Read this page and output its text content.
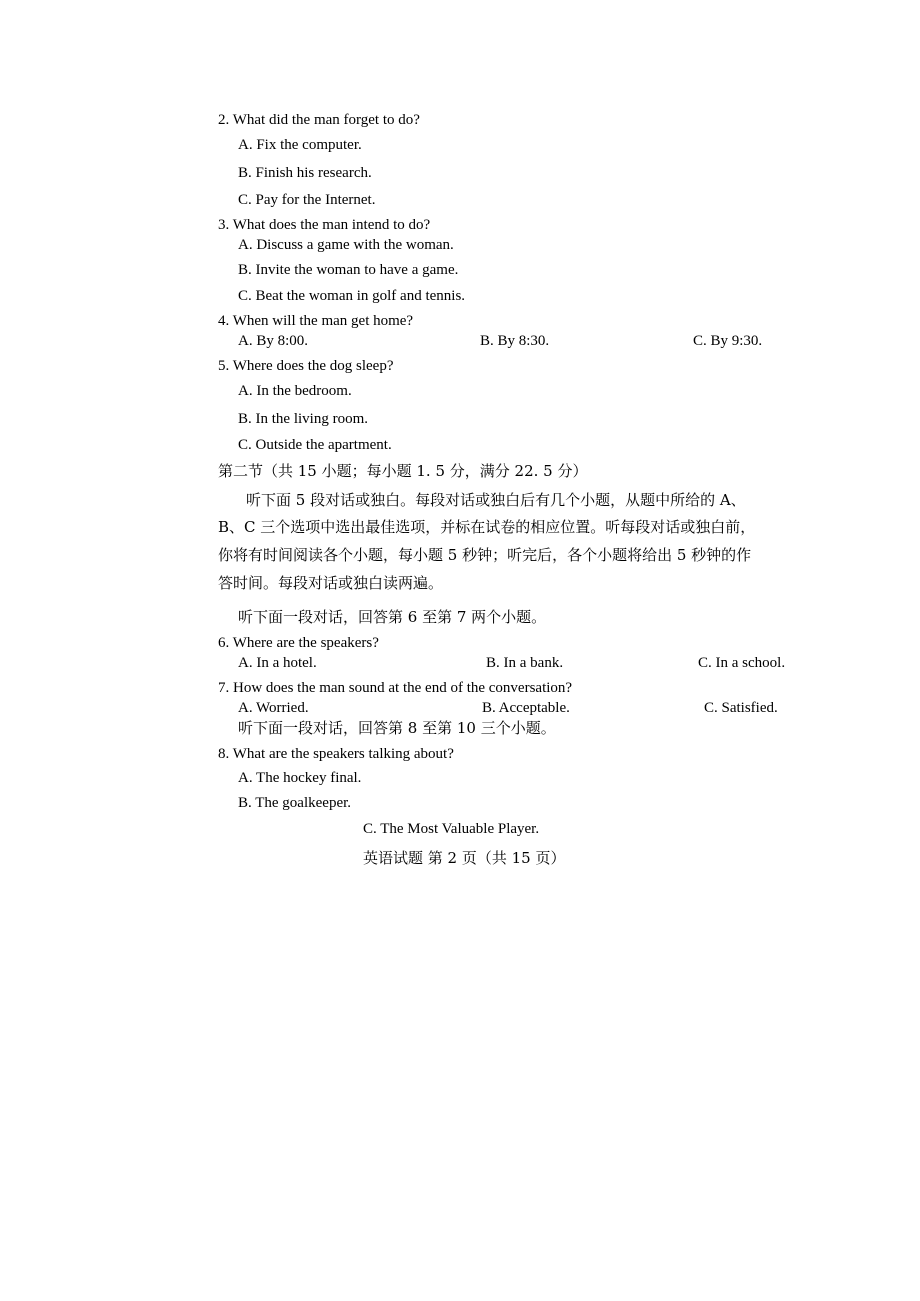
2. What did the man forget to do?
A. Fix the computer.
B. Finish his research.
C. Pay for the Internet.
3. What does the man intend to do?
A. Discuss a game with the woman.
B. Invite the woman to have a game.
C. Beat the woman in golf and tennis.
4. When will the man get home?
A. By 8:00.	B. By 8:30.	C. By 9:30.
5. Where does the dog sleep?
A. In the bedroom.
B. In the living room.
C. Outside the apartment.
第二节（共 15 小题；每小题 1. 5 分，满分 22. 5 分）
听下面 5 段对话或独白。每段对话或独白后有几个小题，从题中所给的 A、
B、C 三个选项中选出最佳选项，并标在试卷的相应位置。听每段对话或独白前，
你将有时间阅读各个小题，每小题 5 秒钟；听完后，各个小题将给出 5 秒钟的作
答时间。每段对话或独白读两遍。
听下面一段对话，回答第 6 至第 7 两个小题。
6. Where are the speakers?
A. In a hotel.	B. In a bank.	C. In a school.
7. How does the man sound at the end of the conversation?
A. Worried.	B. Acceptable.	C. Satisfied.
听下面一段对话，回答第 8 至第 10 三个小题。
8. What are the speakers talking about?
A. The hockey final.
B. The goalkeeper.
C. The Most Valuable Player.
英语试题 第 2 页（共 15 页）
